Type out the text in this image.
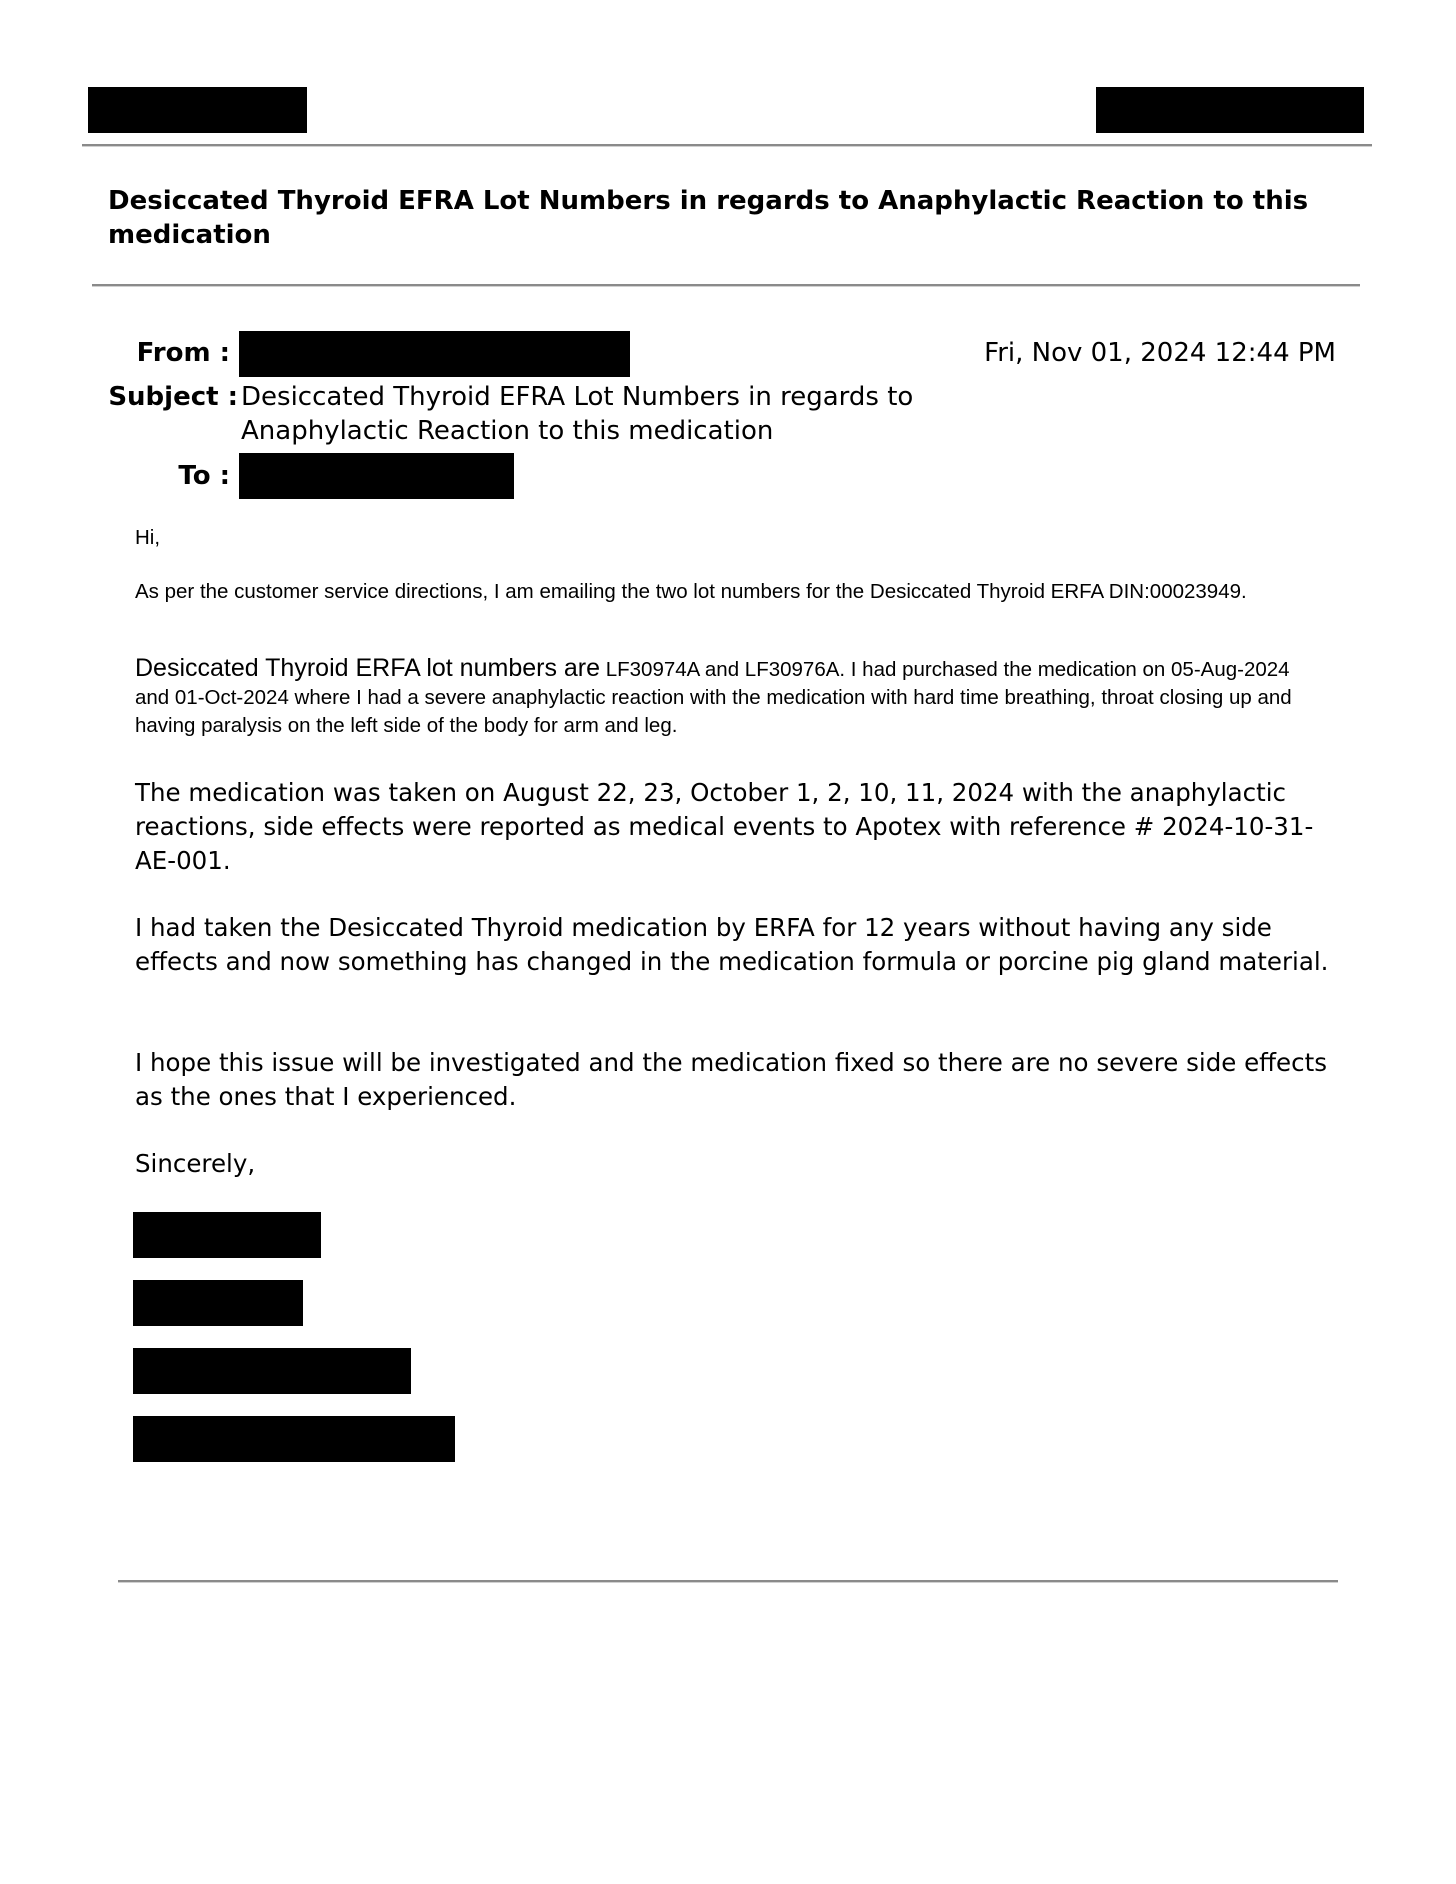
Desiccated Thyroid EFRA Lot Numbers in regards to Anaphylactic Reaction to this medication
From :	Fri, Nov 01, 2024 12:44 PM
Subject : Desiccated Thyroid EFRA Lot Numbers in regards to Anaphylactic Reaction to this medication
To :
Hi,
As per the customer service directions, I am emailing the two lot numbers for the Desiccated Thyroid ERFA DIN:00023949.
Desiccated Thyroid ERFA lot numbers are LF30974A and LF30976A. I had purchased the medication on 05-Aug-2024 and 01-Oct-2024 where I had a severe anaphylactic reaction with the medication with hard time breathing, throat closing up and having paralysis on the left side of the body for arm and leg.
The medication was taken on August 22, 23, October 1, 2, 10, 11, 2024 with the anaphylactic reactions, side effects were reported as medical events to Apotex with reference # 2024-10-31-AE-001.
I had taken the Desiccated Thyroid medication by ERFA for 12 years without having any side effects and now something has changed in the medication formula or porcine pig gland material.
I hope this issue will be investigated and the medication fixed so there are no severe side effects as the ones that I experienced.
Sincerely,
